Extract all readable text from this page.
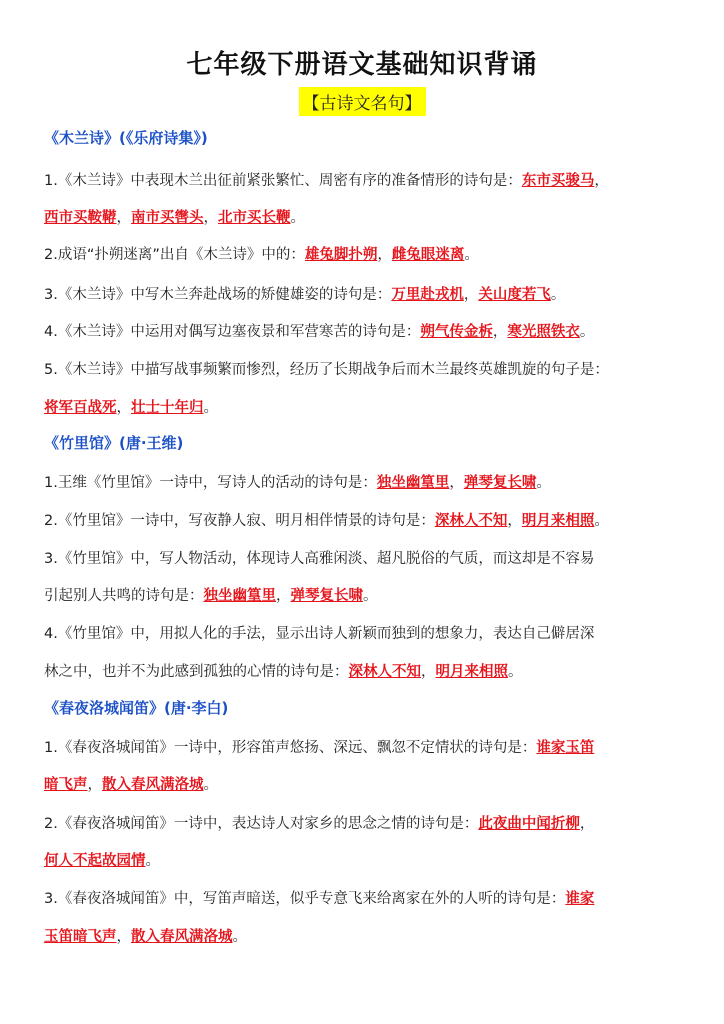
七年级下册语文基础知识背诵
【古诗文名句】
《木兰诗》(《乐府诗集》)
1.《木兰诗》中表现木兰出征前紧张繁忙、周密有序的准备情形的诗句是：东市买骏马，
西市买鞍鞯，南市买辔头，北市买长鞭。
2.成语“扑朔迷离”出自《木兰诗》中的：雄兔脚扑朔，雌兔眼迷离。
3.《木兰诗》中写木兰奔赴战场的矫健雄姿的诗句是：万里赴戎机，关山度若飞。
4.《木兰诗》中运用对偶写边塞夜景和军营寒苦的诗句是：朔气传金柝，寒光照铁衣。
5.《木兰诗》中描写战事频繁而惨烈，经历了长期战争后而木兰最终英雄凯旋的句子是：
将军百战死，壮士十年归。
《竹里馆》(唐·王维)
1.王维《竹里馆》一诗中，写诗人的活动的诗句是：独坐幽篁里，弹琴复长啸。
2.《竹里馆》一诗中，写夜静人寂、明月相伴情景的诗句是：深林人不知，明月来相照。
3.《竹里馆》中，写人物活动，体现诗人高雅闲淡、超凡脱俗的气质，而这却是不容易
引起别人共鸣的诗句是：独坐幽篁里，弹琴复长啸。
4.《竹里馆》中，用拟人化的手法，显示出诗人新颖而独到的想象力，表达自己僻居深
林之中，也并不为此感到孤独的心情的诗句是：深林人不知，明月来相照。
《春夜洛城闻笛》(唐·李白)
1.《春夜洛城闻笛》一诗中，形容笛声悠扬、深远、飘忽不定情状的诗句是：谁家玉笛
暗飞声，散入春风满洛城。
2.《春夜洛城闻笛》一诗中，表达诗人对家乡的思念之情的诗句是：此夜曲中闻折柳，
何人不起故园情。
3.《春夜洛城闻笛》中，写笛声暗送，似乎专意飞来给离家在外的人听的诗句是：谁家
玉笛暗飞声，散入春风满洛城。
